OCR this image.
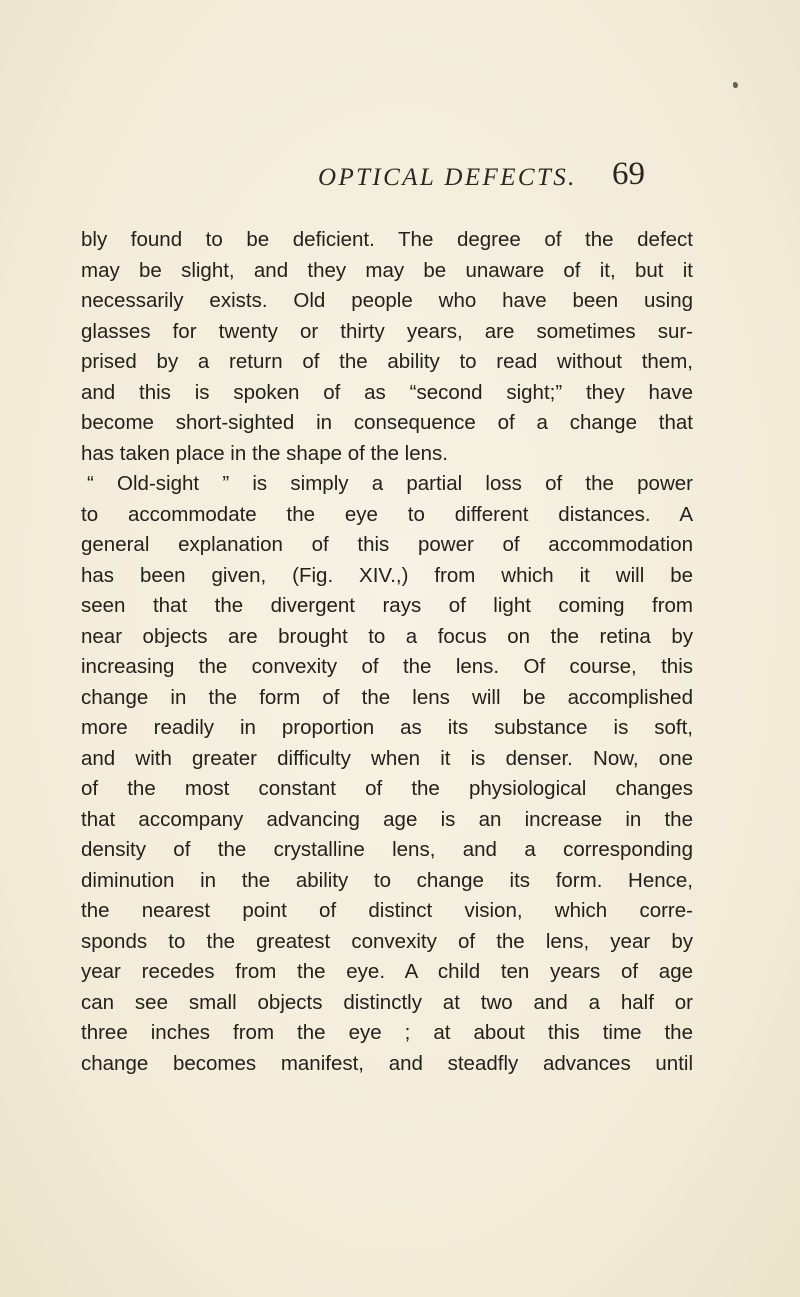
OPTICAL DEFECTS. 69
bly found to be deficient. The degree of the defect
may be slight, and they may be unaware of it, but it
necessarily exists. Old people who have been using
glasses for twenty or thirty years, are sometimes sur-
prised by a return of the ability to read without them,
and this is spoken of as “second sight;” they have
become short-sighted in consequence of a change that
has taken place in the shape of the lens.
“ Old-sight ” is simply a partial loss of the power
to accommodate the eye to different distances. A
general explanation of this power of accommodation
has been given, (Fig. XIV.,) from which it will be
seen that the divergent rays of light coming from
near objects are brought to a focus on the retina by
increasing the convexity of the lens. Of course, this
change in the form of the lens will be accomplished
more readily in proportion as its substance is soft,
and with greater difficulty when it is denser. Now, one
of the most constant of the physiological changes
that accompany advancing age is an increase in the
density of the crystalline lens, and a corresponding
diminution in the ability to change its form. Hence,
the nearest point of distinct vision, which corre-
sponds to the greatest convexity of the lens, year by
year recedes from the eye. A child ten years of age
can see small objects distinctly at two and a half or
three inches from the eye ; at about this time the
change becomes manifest, and steadfly advances until
